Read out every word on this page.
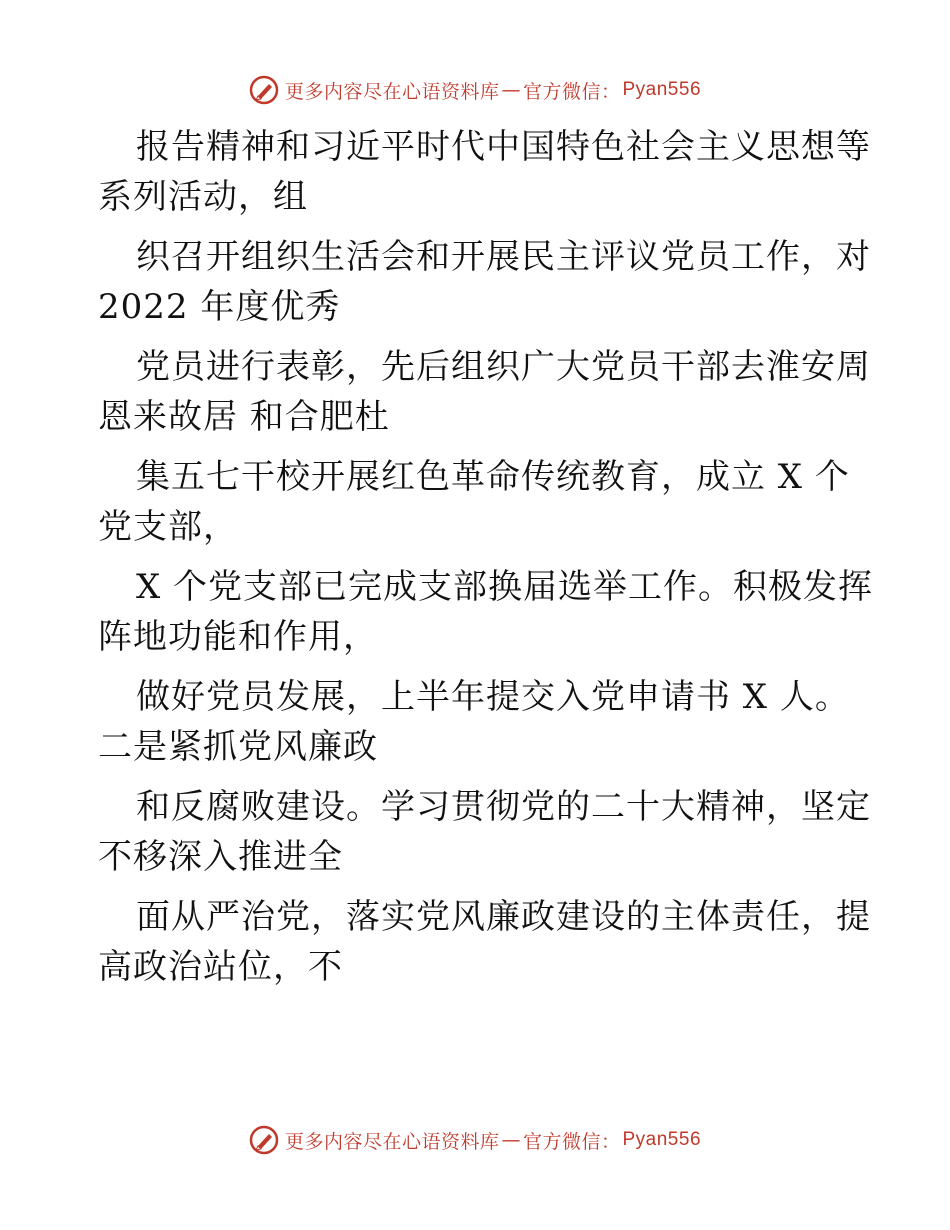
更多内容尽在心语资料库 — 官方微信： Pyan556

报告精神和习近平时代中国特色社会主义思想等
系列活动，组

织召开组织生活会和开展民主评议党员工作，对
2022 年度优秀

党员进行表彰，先后组织广大党员干部去淮安周
恩来故居 和合肥杜

集五七干校开展红色革命传统教育，成立 X 个
党支部，

X 个党支部已完成支部换届选举工作。积极发挥
阵地功能和作用，

做好党员发展，上半年提交入党申请书 X 人。
二是紧抓党风廉政

和反腐败建设。学习贯彻党的二十大精神，坚定
不移深入推进全

面从严治党，落实党风廉政建设的主体责任，提
高政治站位，不

更多内容尽在心语资料库 — 官方微信： Pyan556
